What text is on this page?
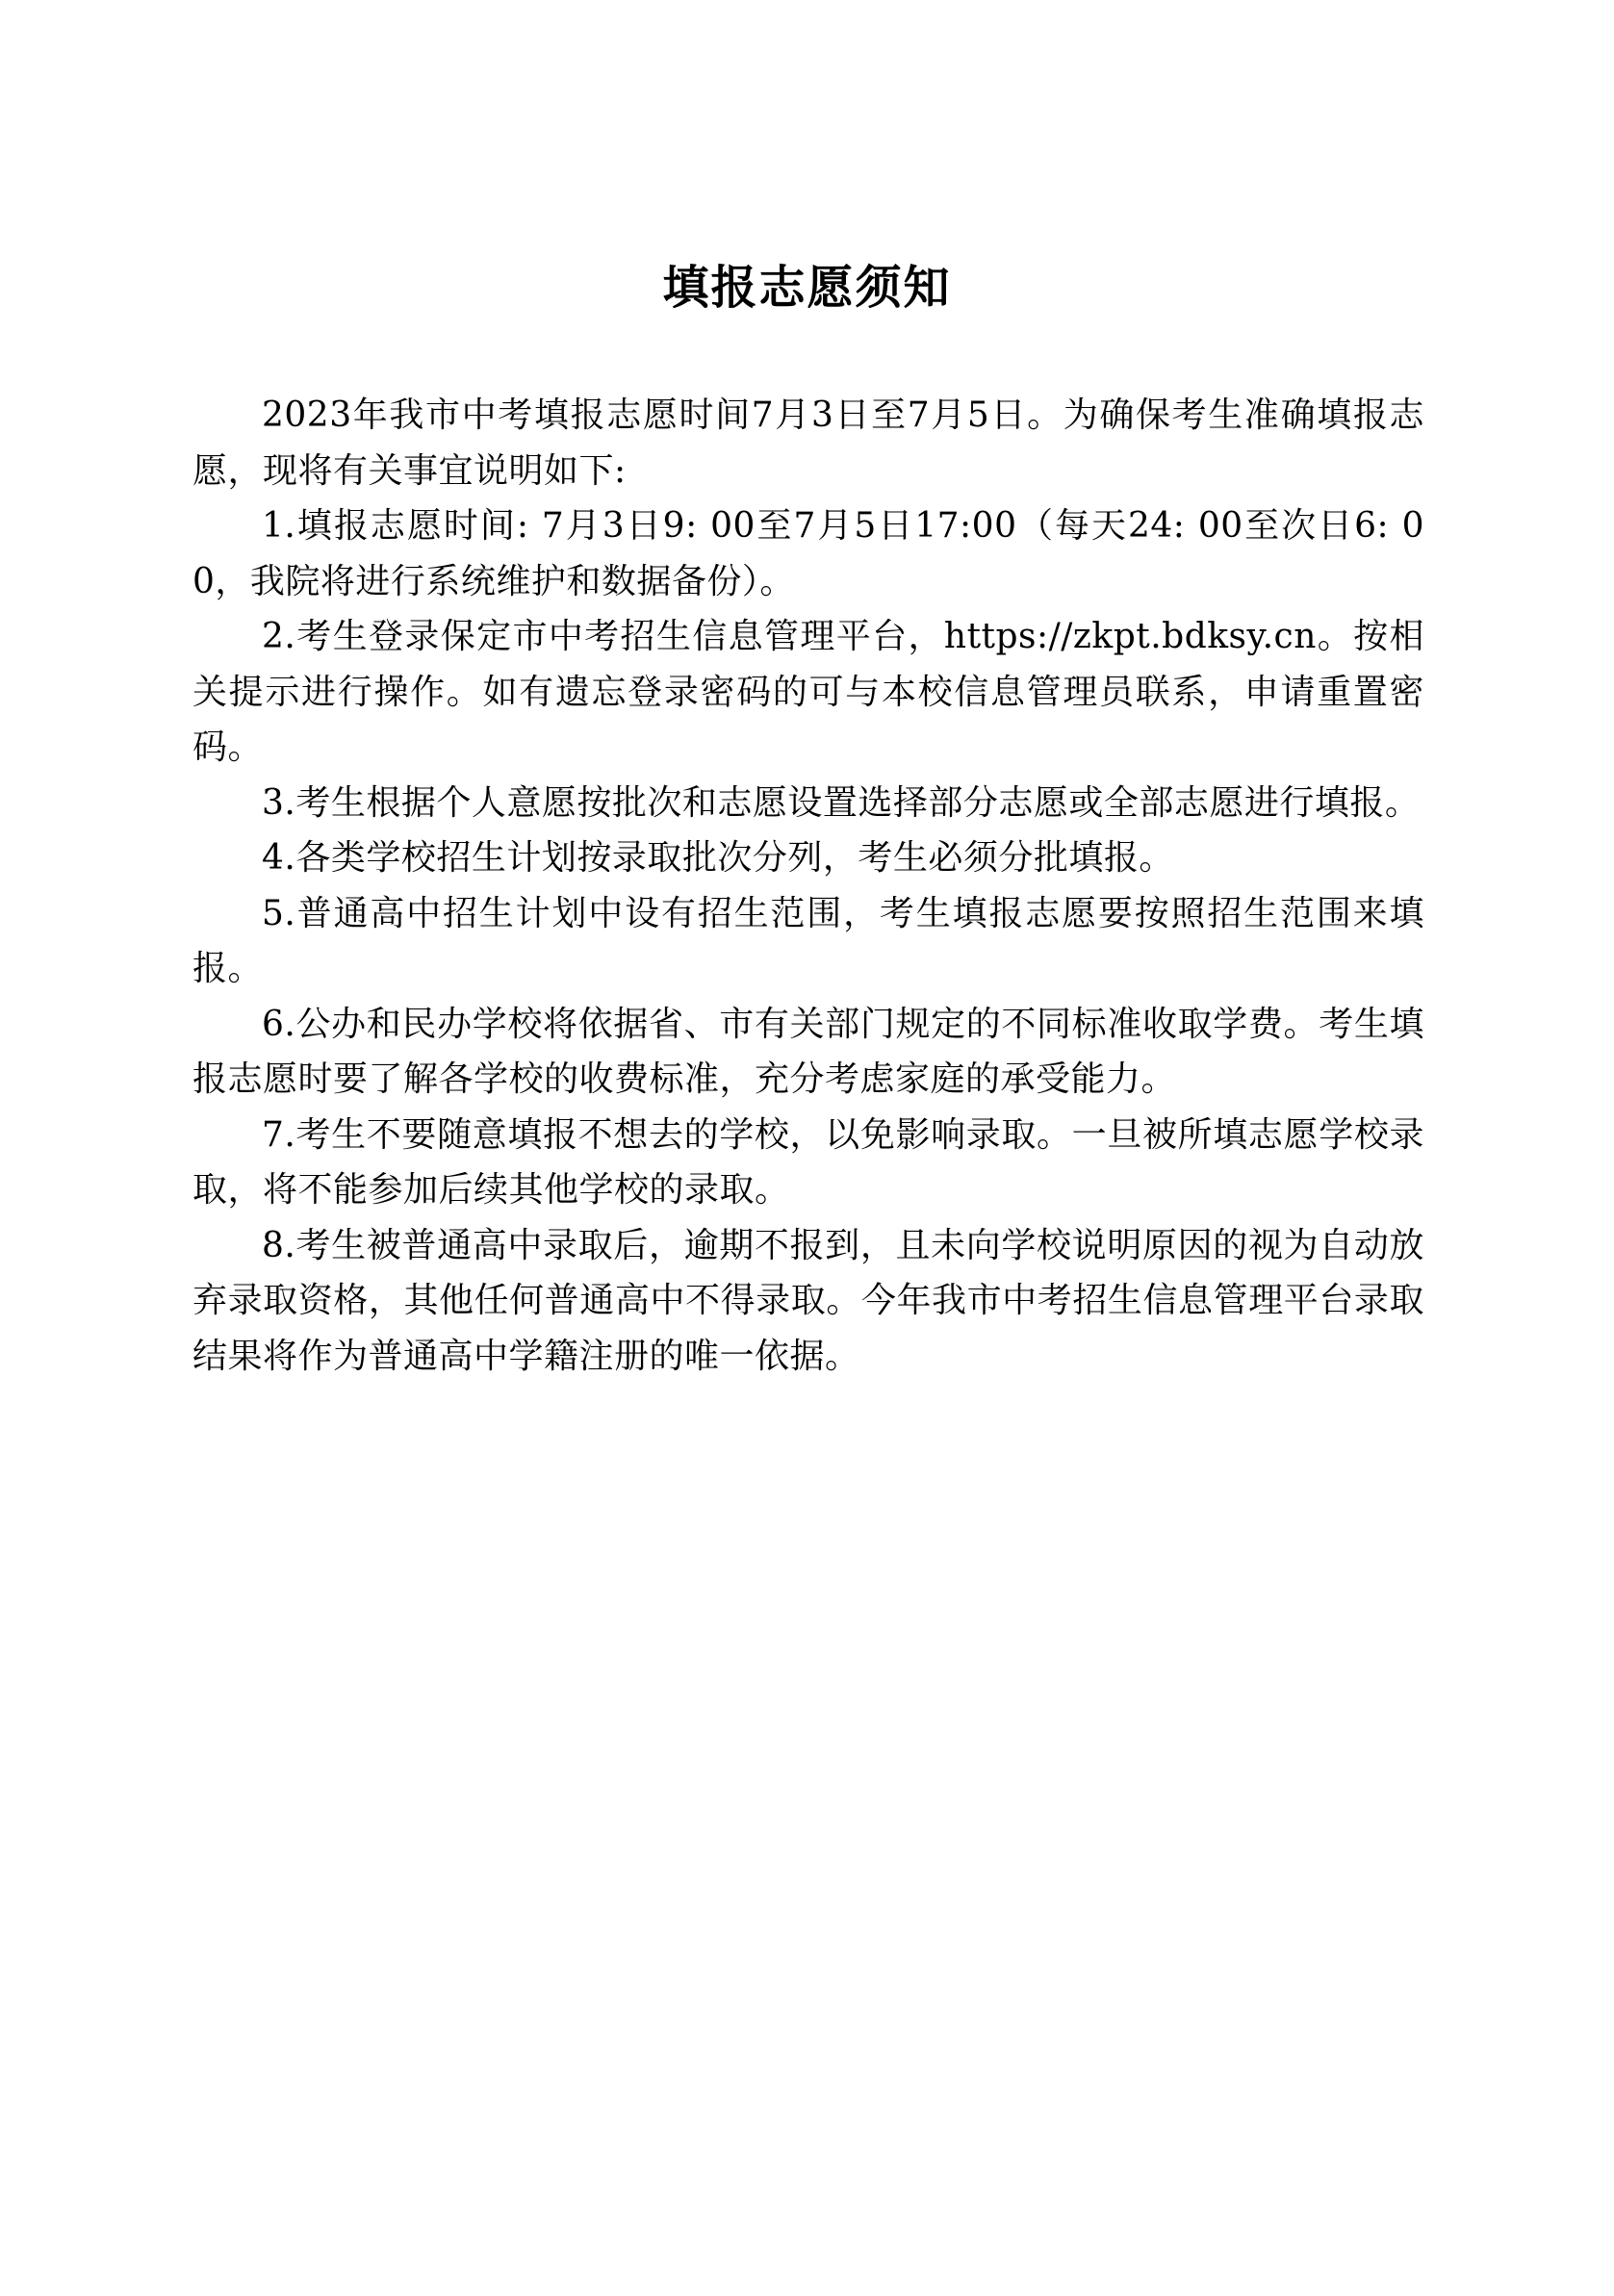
填报志愿须知

2023年我市中考填报志愿时间7月3日至7月5日。为确保考生准确填报志愿，现将有关事宜说明如下:

1.填报志愿时间: 7月3日9: 00至7月5日17:00（每天24: 00至次日6: 00，我院将进行系统维护和数据备份）。

2.考生登录保定市中考招生信息管理平台，https://zkpt.bdksy.cn。按相关提示进行操作。如有遗忘登录密码的可与本校信息管理员联系，申请重置密码。

3.考生根据个人意愿按批次和志愿设置选择部分志愿或全部志愿进行填报。

4.各类学校招生计划按录取批次分列，考生必须分批填报。

5.普通高中招生计划中设有招生范围，考生填报志愿要按照招生范围来填报。

6.公办和民办学校将依据省、市有关部门规定的不同标准收取学费。考生填报志愿时要了解各学校的收费标准，充分考虑家庭的承受能力。

7.考生不要随意填报不想去的学校，以免影响录取。一旦被所填志愿学校录取，将不能参加后续其他学校的录取。

8.考生被普通高中录取后，逾期不报到，且未向学校说明原因的视为自动放弃录取资格，其他任何普通高中不得录取。今年我市中考招生信息管理平台录取结果将作为普通高中学籍注册的唯一依据。
